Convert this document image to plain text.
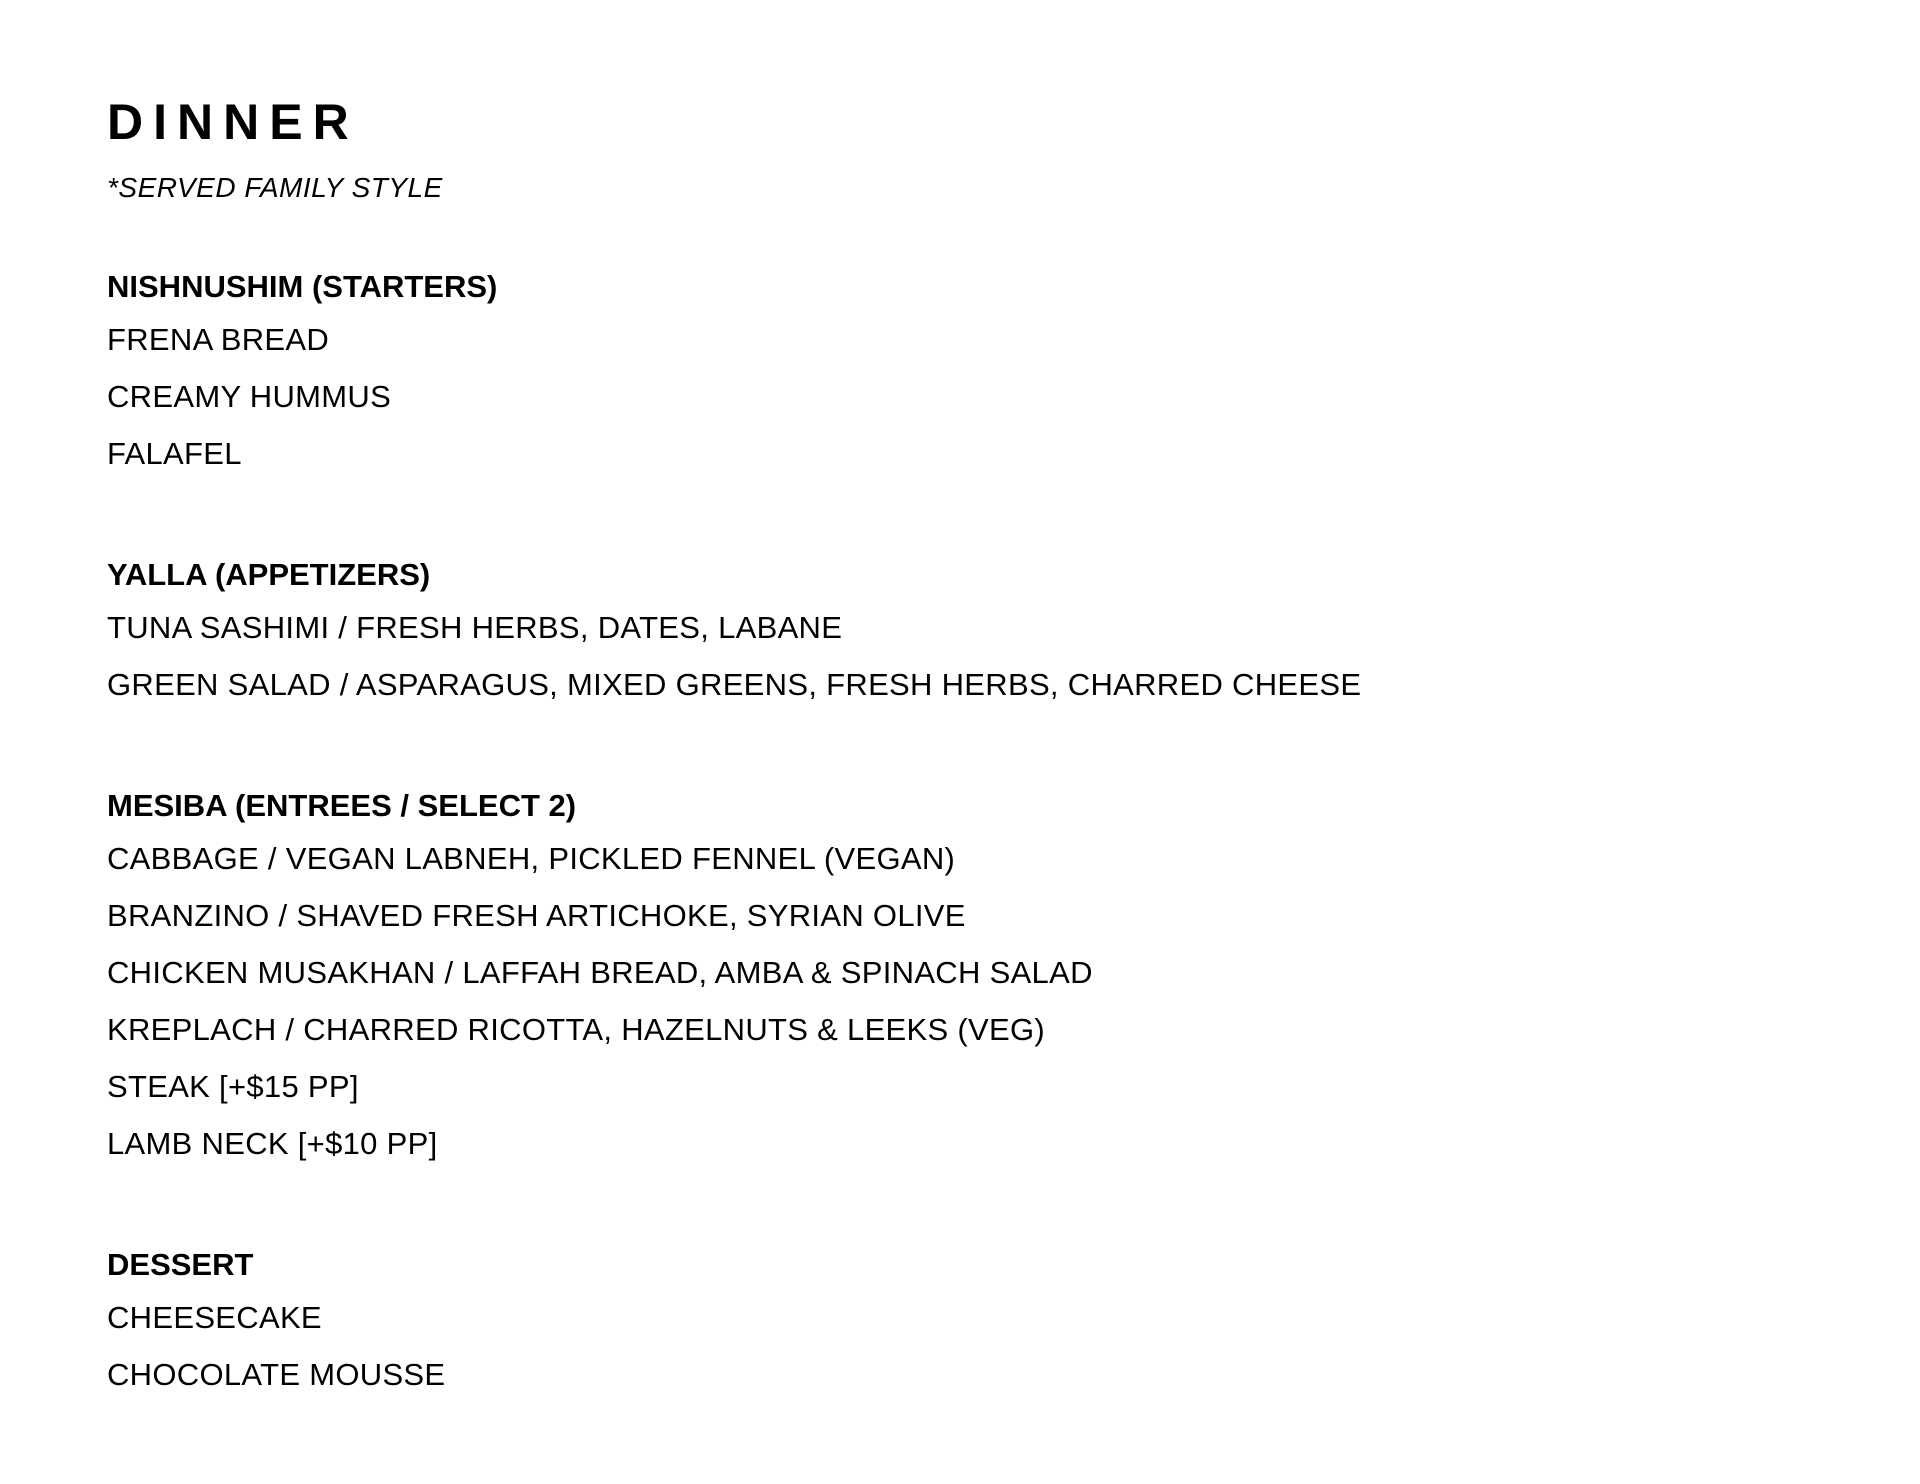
DINNER
*SERVED FAMILY STYLE
NISHNUSHIM (STARTERS)
FRENA BREAD
CREAMY HUMMUS
FALAFEL
YALLA (APPETIZERS)
TUNA SASHIMI / FRESH HERBS, DATES, LABANE
GREEN SALAD / ASPARAGUS, MIXED GREENS, FRESH HERBS, CHARRED CHEESE
MESIBA (ENTREES / SELECT 2)
CABBAGE / VEGAN LABNEH, PICKLED FENNEL (VEGAN)
BRANZINO / SHAVED FRESH ARTICHOKE, SYRIAN OLIVE
CHICKEN MUSAKHAN / LAFFAH BREAD, AMBA & SPINACH SALAD
KREPLACH / CHARRED RICOTTA, HAZELNUTS & LEEKS (VEG)
STEAK [+$15 PP]
LAMB NECK [+$10 PP]
DESSERT
CHEESECAKE
CHOCOLATE MOUSSE
